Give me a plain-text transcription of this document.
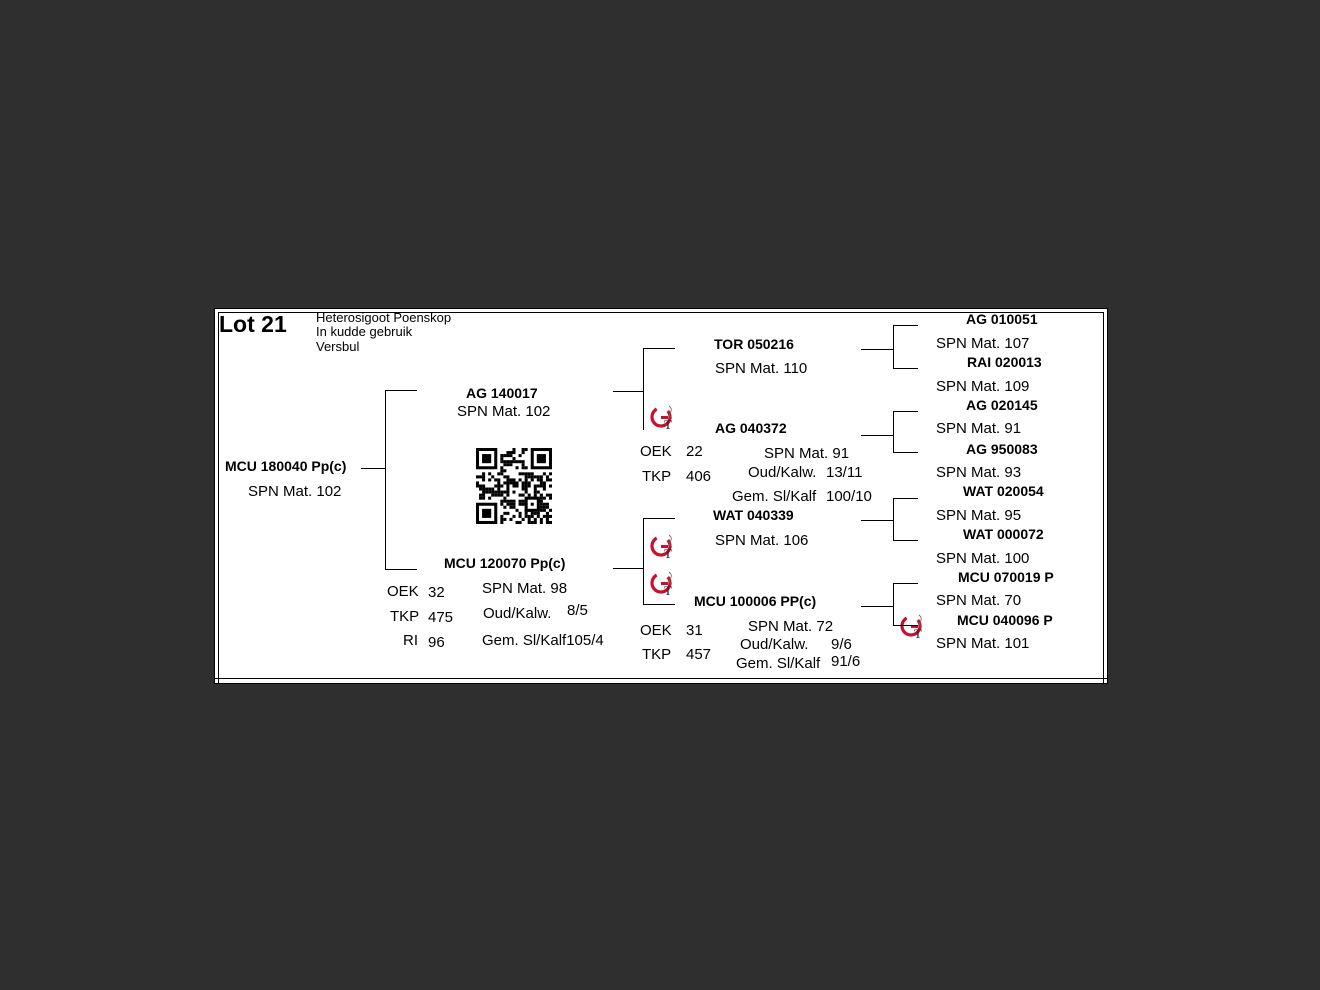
Lot 21 Heterosigoot Poenskop
In kudde gebruik
Versbul
MCU 180040 Pp(c)
SPN Mat. 102
AG 140017
SPN Mat. 102
MCU 120070 Pp(c)
OEK 32
TKP 475
RI 96
SPN Mat. 98
Oud/Kalw. 8/5
Gem. Sl/Kalf105/4
T
T
T
T
TOR 050216
SPN Mat. 110
AG 040372
OEK 22
TKP 406
SPN Mat. 91
Oud/Kalw. 13/11
Gem. Sl/Kalf 100/10
WAT 040339
SPN Mat. 106
MCU 100006 PP(c)
OEK 31
TKP 457
SPN Mat. 72
Oud/Kalw. 9/6
Gem. Sl/Kalf 91/6
AG 010051
SPN Mat. 107
RAI 020013
SPN Mat. 109
AG 020145
SPN Mat. 91
AG 950083
SPN Mat. 93
WAT 020054
SPN Mat. 95
WAT 000072
SPN Mat. 100
MCU 070019 P
SPN Mat. 70
MCU 040096 P
SPN Mat. 101
